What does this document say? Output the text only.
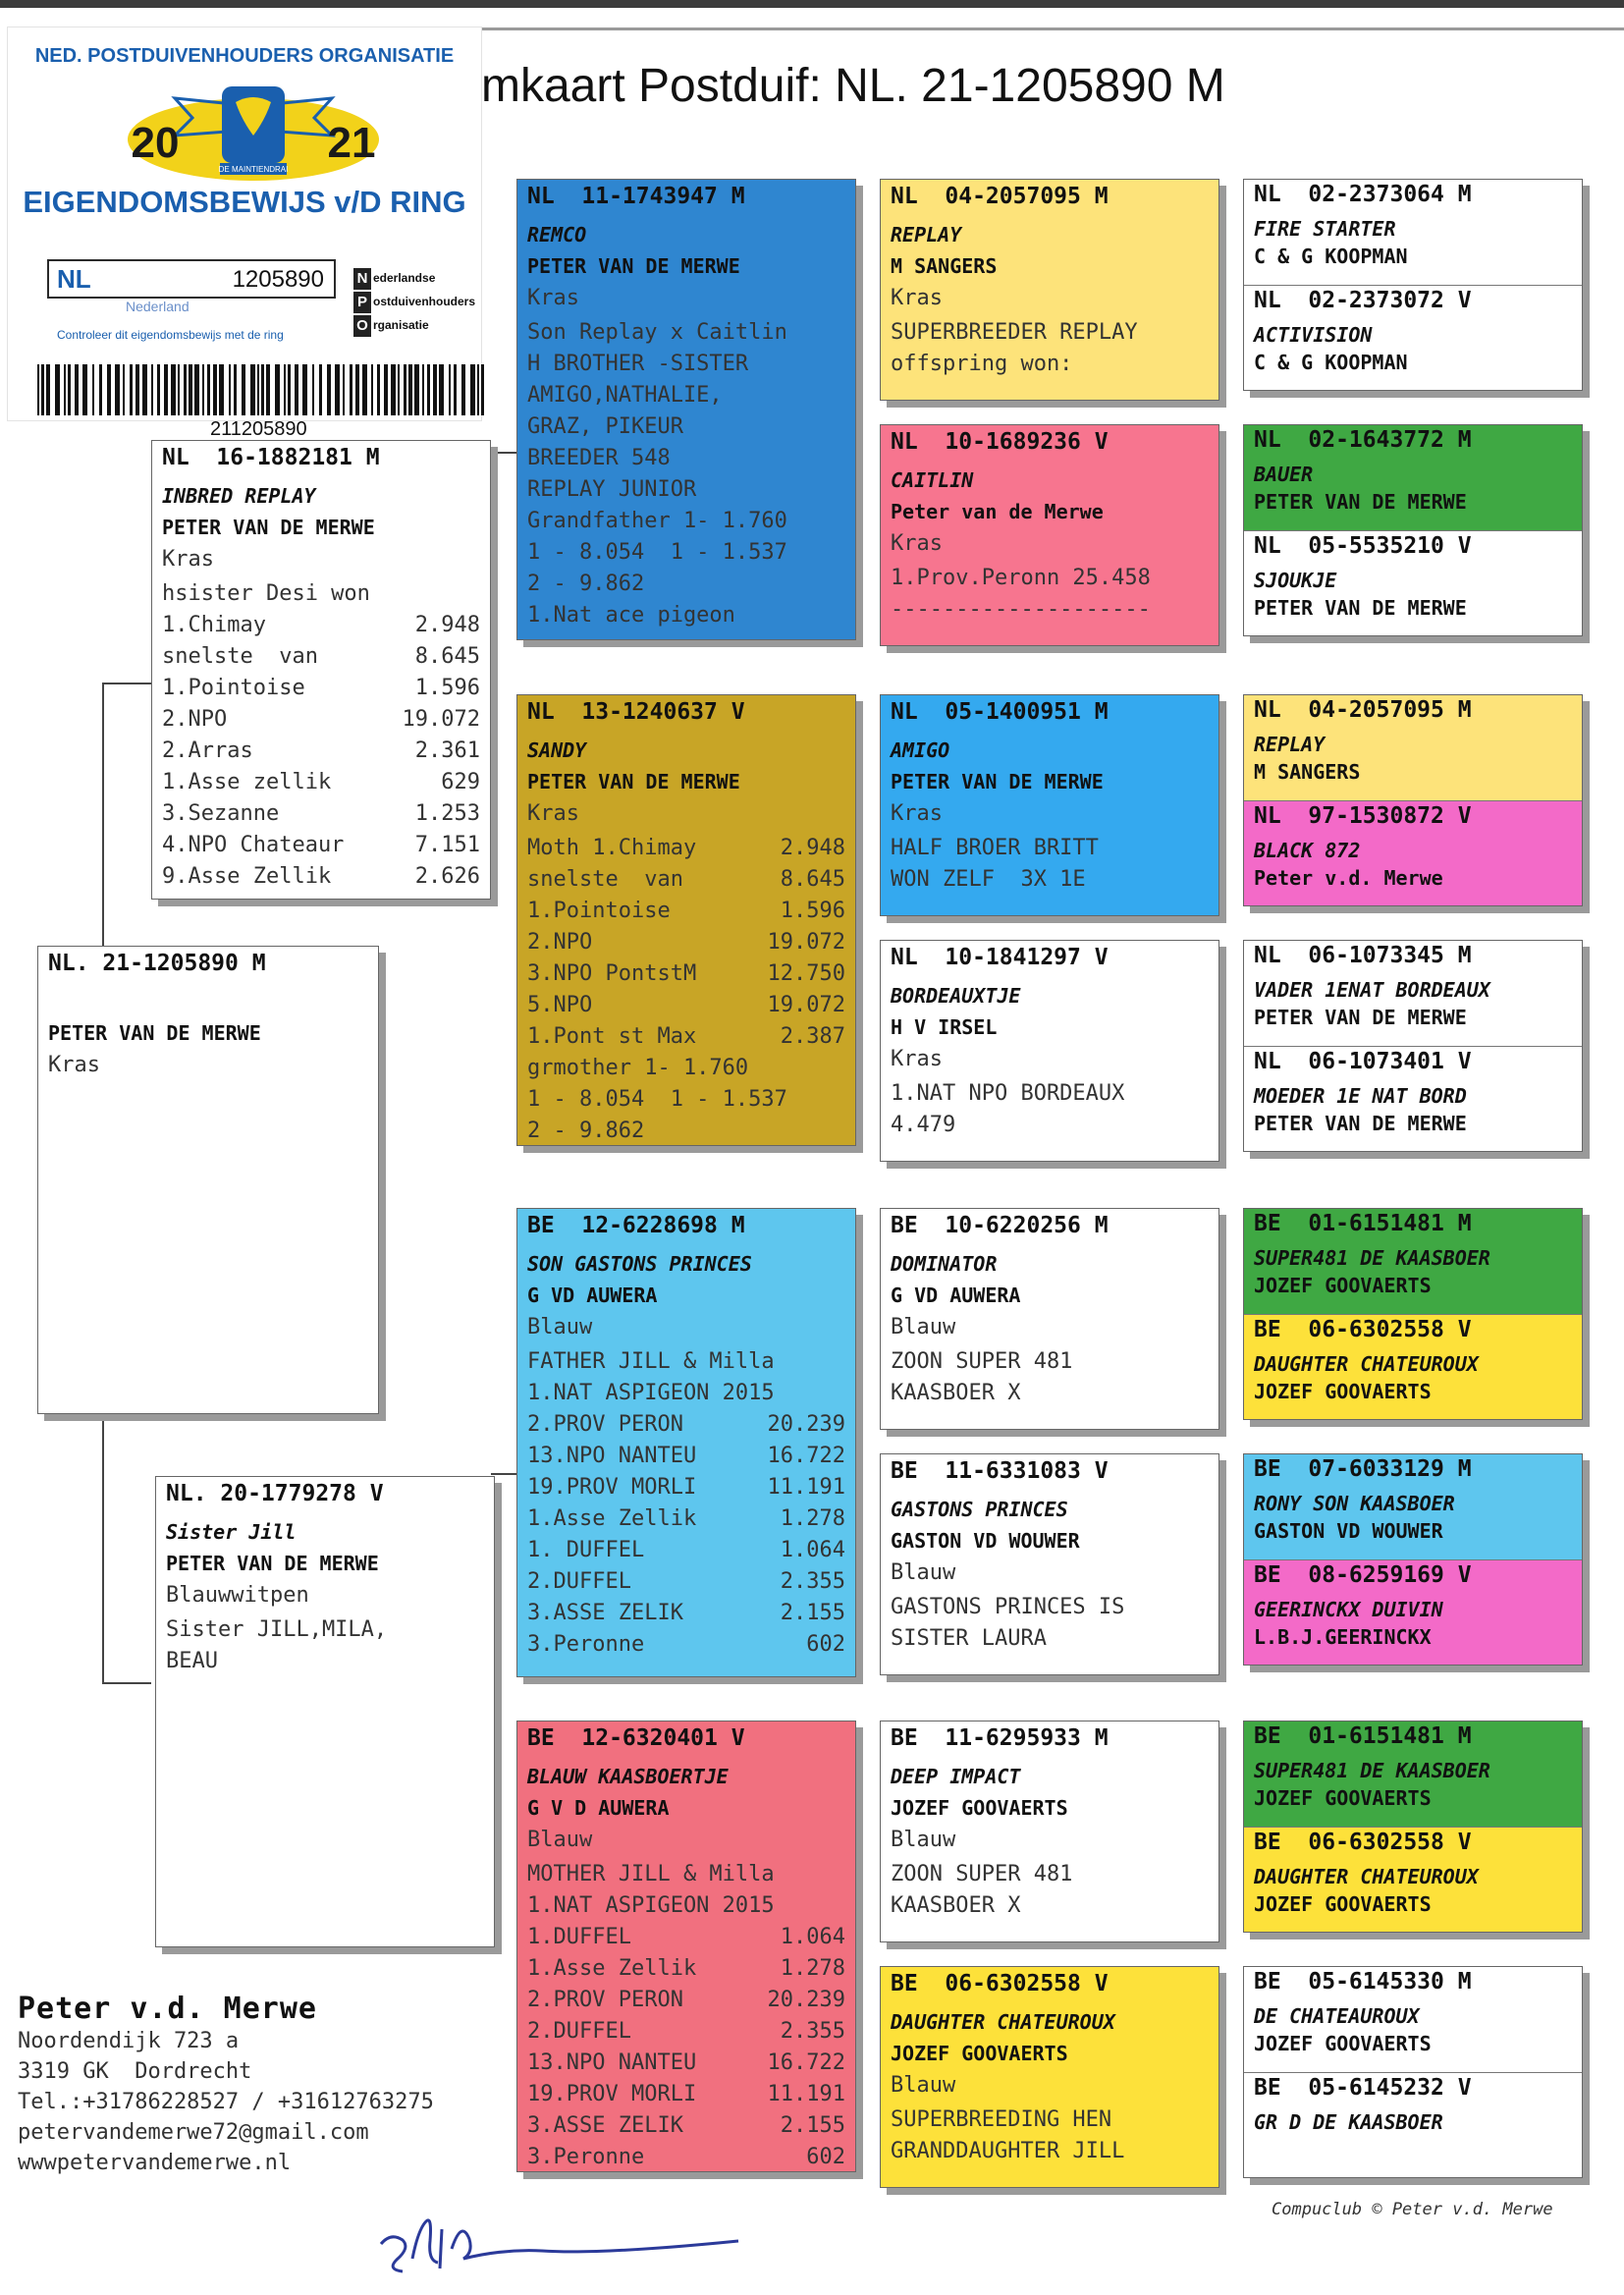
mkaart Postduif: NL. 21-1205890 M
NED. POSTDUIVENHOUDERS ORGANISATIE
DE MAINTIENDRAI
20	21
EIGENDOMSBEWIJS v/D RING
NL	1205890
Nederland
Controleer dit eigendomsbewijs met de ring
N ederlandse
P ostduivenhouders
O rganisatie
211205890
NL. 21-1205890 M
PETER VAN DE MERWE
Kras
NL  16-1882181 M
INBRED REPLAY
PETER VAN DE MERWE
Kras
hsister Desi won
1.Chimay	2.948
snelste  van	8.645
1.Pointoise	1.596
2.NPO	19.072
2.Arras	2.361
1.Asse zellik	629
3.Sezanne	1.253
4.NPO Chateaur	7.151
9.Asse Zellik	2.626
NL. 20-1779278 V
Sister Jill
PETER VAN DE MERWE
Blauwwitpen
Sister JILL,MILA,
BEAU
NL  11-1743947 M
REMCO
PETER VAN DE MERWE
Kras
Son Replay x Caitlin
H BROTHER -SISTER
AMIGO,NATHALIE,
GRAZ, PIKEUR
BREEDER 548
REPLAY JUNIOR
Grandfather 1- 1.760
1 - 8.054  1 - 1.537
2 - 9.862
1.Nat ace pigeon
NL  13-1240637 V
SANDY
PETER VAN DE MERWE
Kras
Moth 1.Chimay	2.948
snelste  van	8.645
1.Pointoise	1.596
2.NPO	19.072
3.NPO PontstM	12.750
5.NPO	19.072
1.Pont st Max	2.387
grmother 1- 1.760
1 - 8.054  1 - 1.537
2 - 9.862
BE  12-6228698 M
SON GASTONS PRINCES
G VD AUWERA
Blauw
FATHER JILL & Milla
1.NAT ASPIGEON 2015
2.PROV PERON	20.239
13.NPO NANTEU	16.722
19.PROV MORLI	11.191
1.Asse Zellik	1.278
1. DUFFEL	1.064
2.DUFFEL	2.355
3.ASSE ZELIK	2.155
3.Peronne	602
BE  12-6320401 V
BLAUW KAASBOERTJE
G V D AUWERA
Blauw
MOTHER JILL & Milla
1.NAT ASPIGEON 2015
1.DUFFEL	1.064
1.Asse Zellik	1.278
2.PROV PERON	20.239
2.DUFFEL	2.355
13.NPO NANTEU	16.722
19.PROV MORLI	11.191
3.ASSE ZELIK	2.155
3.Peronne	602
NL  04-2057095 M
REPLAY
M SANGERS
Kras
SUPERBREEDER REPLAY
offspring won:
NL  10-1689236 V
CAITLIN
Peter van de Merwe
Kras
1.Prov.Peronn 25.458
--------------------
NL  05-1400951 M
AMIGO
PETER VAN DE MERWE
Kras
HALF BROER BRITT
WON ZELF  3X 1E
NL  10-1841297 V
BORDEAUXTJE
H V IRSEL
Kras
1.NAT NPO BORDEAUX
4.479
BE  10-6220256 M
DOMINATOR
G VD AUWERA
Blauw
ZOON SUPER 481
KAASBOER X
BE  11-6331083 V
GASTONS PRINCES
GASTON VD WOUWER
Blauw
GASTONS PRINCES IS
SISTER LAURA
BE  11-6295933 M
DEEP IMPACT
JOZEF GOOVAERTS
Blauw
ZOON SUPER 481
KAASBOER X
BE  06-6302558 V
DAUGHTER CHATEUROUX
JOZEF GOOVAERTS
Blauw
SUPERBREEDING HEN
GRANDDAUGHTER JILL
NL  02-2373064 M
FIRE STARTER
C & G KOOPMAN
NL  02-2373072 V
ACTIVISION
C & G KOOPMAN
NL  02-1643772 M
BAUER
PETER VAN DE MERWE
NL  05-5535210 V
SJOUKJE
PETER VAN DE MERWE
NL  04-2057095 M
REPLAY
M SANGERS
NL  97-1530872 V
BLACK 872
Peter v.d. Merwe
NL  06-1073345 M
VADER 1ENAT BORDEAUX
PETER VAN DE MERWE
NL  06-1073401 V
MOEDER 1E NAT BORD
PETER VAN DE MERWE
BE  01-6151481 M
SUPER481 DE KAASBOER
JOZEF GOOVAERTS
BE  06-6302558 V
DAUGHTER CHATEUROUX
JOZEF GOOVAERTS
BE  07-6033129 M
RONY SON KAASBOER
GASTON VD WOUWER
BE  08-6259169 V
GEERINCKX DUIVIN
L.B.J.GEERINCKX
BE  01-6151481 M
SUPER481 DE KAASBOER
JOZEF GOOVAERTS
BE  06-6302558 V
DAUGHTER CHATEUROUX
JOZEF GOOVAERTS
BE  05-6145330 M
DE CHATEAUROUX
JOZEF GOOVAERTS
BE  05-6145232 V
GR D DE KAASBOER
Peter v.d. Merwe
Noordendijk 723 a
3319 GK  Dordrecht
Tel.:+31786228527 / +31612763275
petervandemerwe72@gmail.com
wwwpetervandemerwe.nl
Compuclub © Peter v.d. Merwe
